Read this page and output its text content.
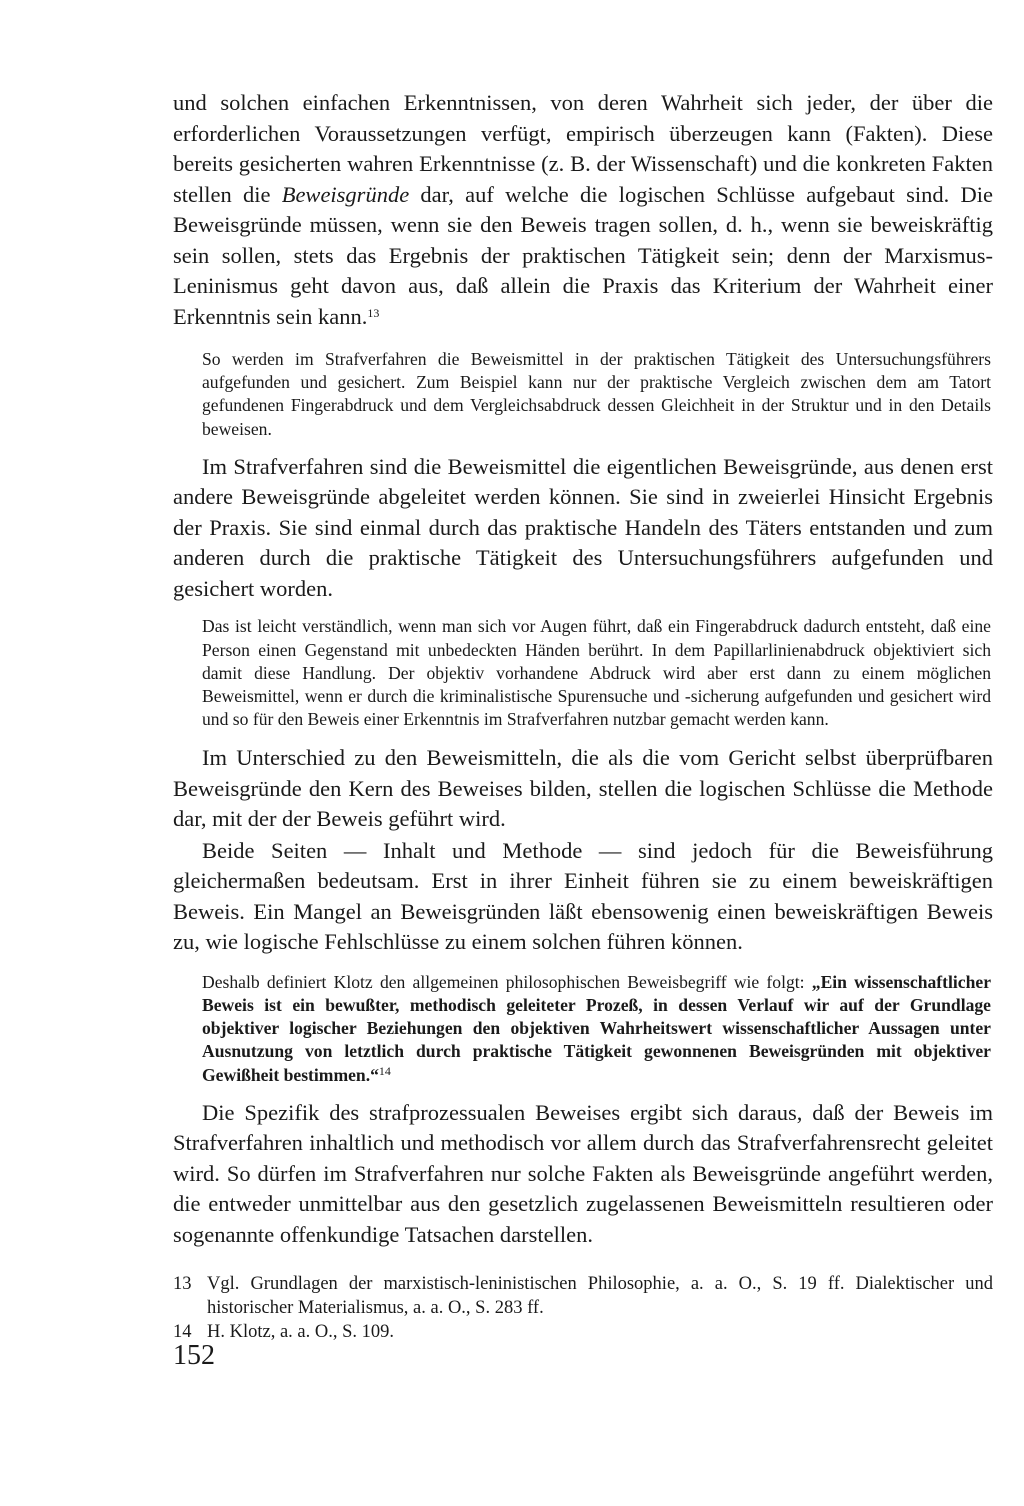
und solchen einfachen Erkenntnissen, von deren Wahrheit sich jeder, der über die erforderlichen Voraussetzungen verfügt, empirisch überzeugen kann (Fakten). Diese bereits gesicherten wahren Erkenntnisse (z. B. der Wissenschaft) und die konkreten Fakten stellen die Beweisgründe dar, auf welche die logischen Schlüsse aufgebaut sind. Die Beweisgründe müssen, wenn sie den Beweis tragen sollen, d. h., wenn sie beweiskräftig sein sollen, stets das Ergebnis der praktischen Tätigkeit sein; denn der Marxismus-Leninismus geht davon aus, daß allein die Praxis das Kriterium der Wahrheit einer Erkenntnis sein kann.$^{13}$

So werden im Strafverfahren die Beweismittel in der praktischen Tätigkeit des Untersuchungsführers aufgefunden und gesichert. Zum Beispiel kann nur der praktische Vergleich zwischen dem am Tatort gefundenen Fingerabdruck und dem Vergleichsabdruck dessen Gleichheit in der Struktur und in den Details beweisen.

Im Strafverfahren sind die Beweismittel die eigentlichen Beweisgründe, aus denen erst andere Beweisgründe abgeleitet werden können. Sie sind in zweierlei Hinsicht Ergebnis der Praxis. Sie sind einmal durch das praktische Handeln des Täters entstanden und zum anderen durch die praktische Tätigkeit des Untersuchungsführers aufgefunden und gesichert worden.

Das ist leicht verständlich, wenn man sich vor Augen führt, daß ein Fingerabdruck dadurch entsteht, daß eine Person einen Gegenstand mit unbedeckten Händen berührt. In dem Papillarlinienabdruck objektiviert sich damit diese Handlung. Der objektiv vorhandene Abdruck wird aber erst dann zu einem möglichen Beweismittel, wenn er durch die kriminalistische Spurensuche und -sicherung aufgefunden und gesichert wird und so für den Beweis einer Erkenntnis im Strafverfahren nutzbar gemacht werden kann.

Im Unterschied zu den Beweismitteln, die als die vom Gericht selbst überprüfbaren Beweisgründe den Kern des Beweises bilden, stellen die logischen Schlüsse die Methode dar, mit der der Beweis geführt wird.

Beide Seiten — Inhalt und Methode — sind jedoch für die Beweisführung gleichermaßen bedeutsam. Erst in ihrer Einheit führen sie zu einem beweiskräftigen Beweis. Ein Mangel an Beweisgründen läßt ebensowenig einen beweiskräftigen Beweis zu, wie logische Fehlschlüsse zu einem solchen führen können.

Deshalb definiert Klotz den allgemeinen philosophischen Beweisbegriff wie folgt: „Ein wissenschaftlicher Beweis ist ein bewußter, methodisch geleiteter Prozeß, in dessen Verlauf wir auf der Grundlage objektiver logischer Beziehungen den objektiven Wahrheitswert wissenschaftlicher Aussagen unter Ausnutzung von letztlich durch praktische Tätigkeit gewonnenen Beweisgründen mit objektiver Gewißheit bestimmen.“$^{14}$

Die Spezifik des strafprozessualen Beweises ergibt sich daraus, daß der Beweis im Strafverfahren inhaltlich und methodisch vor allem durch das Strafverfahrensrecht geleitet wird. So dürfen im Strafverfahren nur solche Fakten als Beweisgründe angeführt werden, die entweder unmittelbar aus den gesetzlich zugelassenen Beweismitteln resultieren oder sogenannte offenkundige Tatsachen darstellen.

13 Vgl. Grundlagen der marxistisch-leninistischen Philosophie, a. a. O., S. 19 ff. Dialektischer und historischer Materialismus, a. a. O., S. 283 ff.
14 H. Klotz, a. a. O., S. 109.
152
